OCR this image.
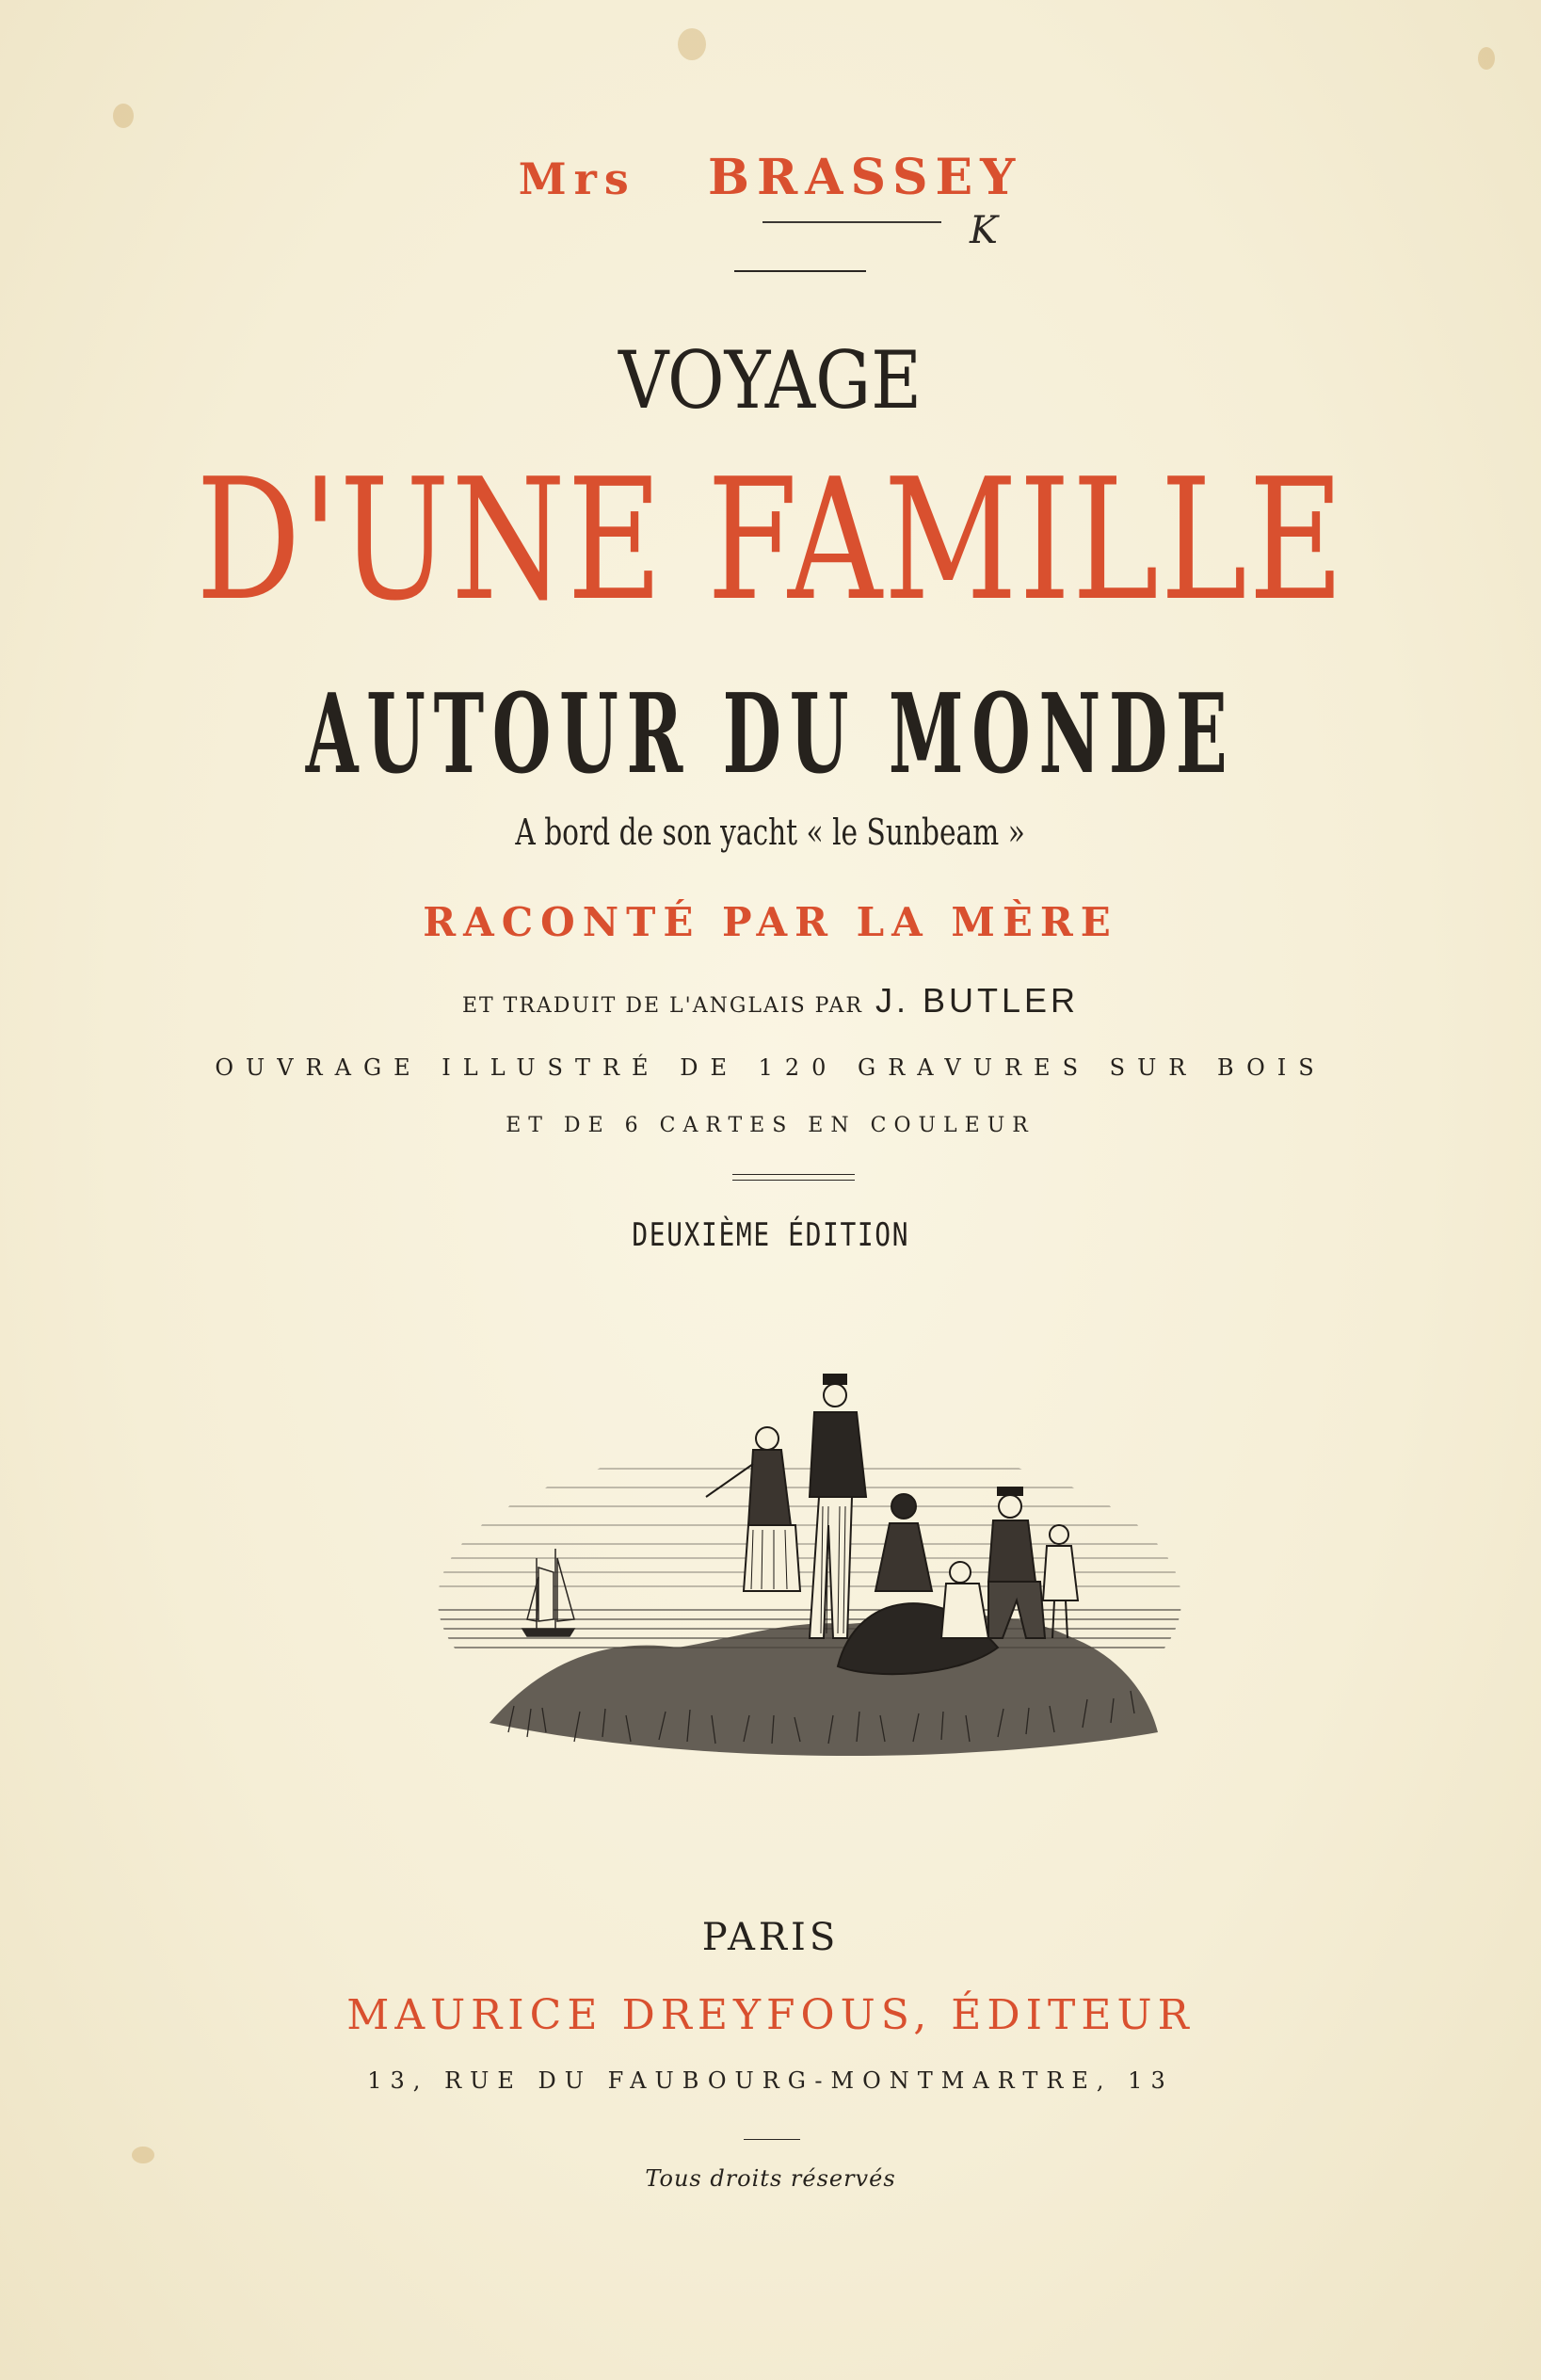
Mrs BRASSEY
K
VOYAGE
D'UNE FAMILLE
AUTOUR DU MONDE
A bord de son yacht « le Sunbeam »
RACONTÉ PAR LA MÈRE
ET TRADUIT DE L'ANGLAIS PAR J. BUTLER
OUVRAGE ILLUSTRÉ DE 120 GRAVURES SUR BOIS
ET DE 6 CARTES EN COULEUR
DEUXIÈME ÉDITION
PARIS
MAURICE DREYFOUS, ÉDITEUR
13, RUE DU FAUBOURG-MONTMARTRE, 13
Tous droits réservés
